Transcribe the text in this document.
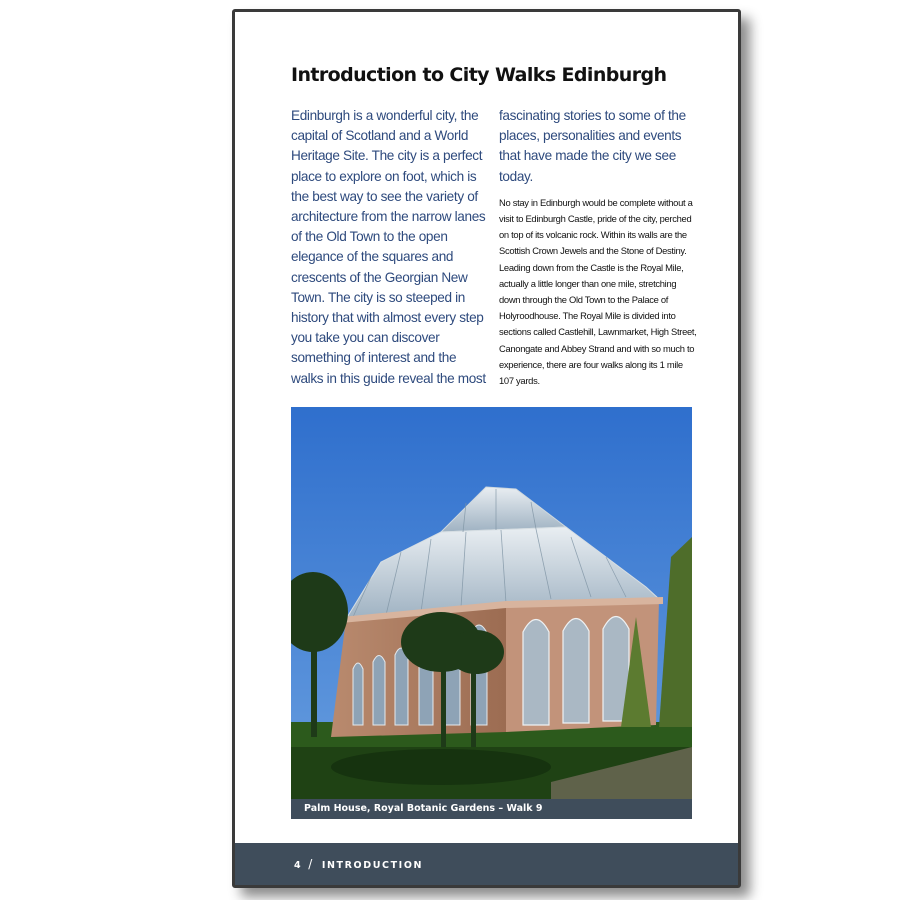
Introduction to City Walks Edinburgh
Edinburgh is a wonderful city, the capital of Scotland and a World Heritage Site. The city is a perfect place to explore on foot, which is the best way to see the variety of architecture from the narrow lanes of the Old Town to the open elegance of the squares and crescents of the Georgian New Town. The city is so steeped in history that with almost every step you take you can discover something of interest and the walks in this guide reveal the most

fascinating stories to some of the places, personalities and events that have made the city we see today.

No stay in Edinburgh would be complete without a visit to Edinburgh Castle, pride of the city, perched on top of its volcanic rock. Within its walls are the Scottish Crown Jewels and the Stone of Destiny. Leading down from the Castle is the Royal Mile, actually a little longer than one mile, stretching down through the Old Town to the Palace of Holyroodhouse. The Royal Mile is divided into sections called Castlehill, Lawnmarket, High Street, Canongate and Abbey Strand and with so much to experience, there are four walks along its 1 mile 107 yards.

Palm House, Royal Botanic Gardens – Walk 9
4 / INTRODUCTION
